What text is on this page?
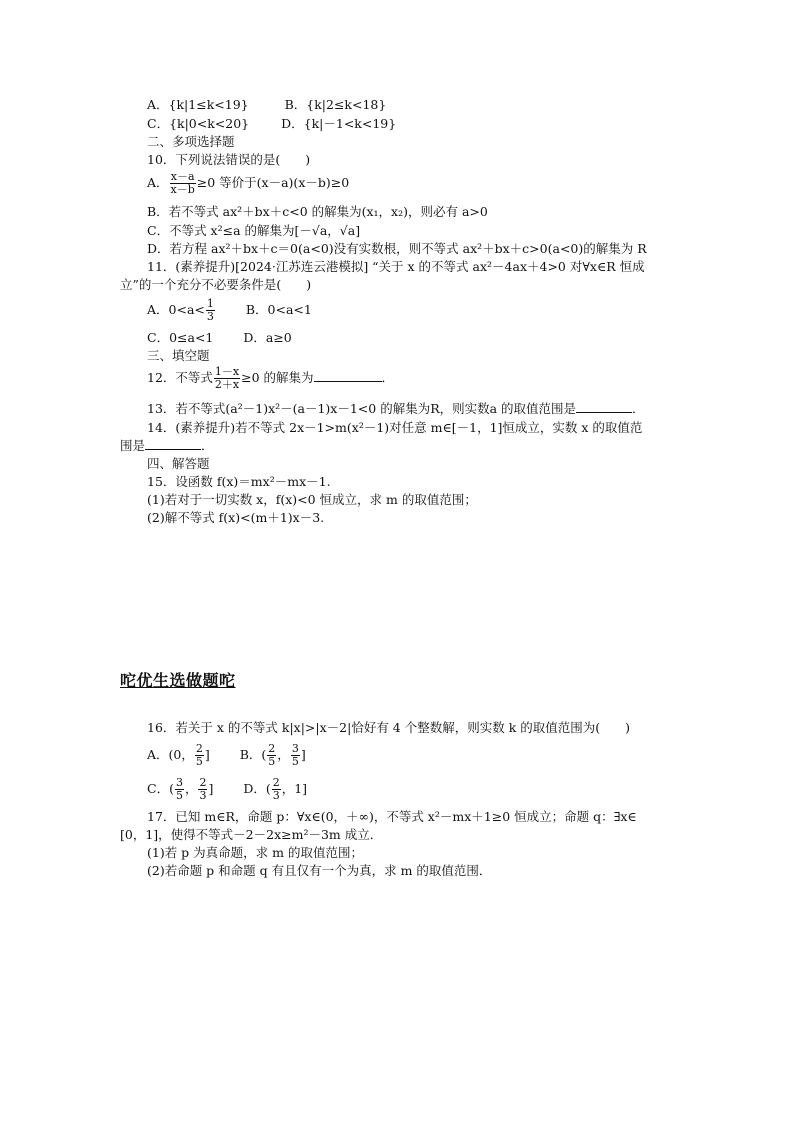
A．{k|1≤k<19}	B．{k|2≤k<18}
C．{k|0<k<20}	D．{k|－1<k<19}
二、多项选择题
10．下列说法错误的是(　　)
A． $\frac{x-a}{x-b} \ge 0$ 等价于(x－a)(x－b)≥0
B．若不等式 ax²＋bx＋c<0 的解集为(x₁，x₂)，则必有 a>0
C．不等式 x²≤a 的解集为[－√a，√a]
D．若方程 ax²＋bx＋c＝0(a<0)没有实数根，则不等式 ax²＋bx＋c>0(a<0)的解集为 R
11．(素养提升)[2024·江苏连云港模拟] “关于 x 的不等式 ax²－4ax＋4>0 对∀x∈R 恒成
立”的一个充分不必要条件是(　　)
A．$0<a< \frac{1}{3}$ B．0<a<1
C．0≤a<1 D．a≥0
三、填空题
12．不等式 $\frac{1-x}{2+x} \ge 0$ 的解集为	．
13．若不等式(a²－1)x²－(a－1)x－1<0 的解集为R，则实数a 的取值范围是	．
14．(素养提升)若不等式 2x－1>m(x²－1)对任意 m∈[－1，1]恒成立，实数 x 的取值范
围是	．
四、解答题
15．设函数 f(x)＝mx²－mx－1.
(1)若对于一切实数 x，f(x)<0 恒成立，求 m 的取值范围；
(2)解不等式 f(x)<(m＋1)x－3.
咜优生选做题咜
16．若关于 x 的不等式 k|x|>|x－2|恰好有 4 个整数解，则实数 k 的取值范围为(　　)
A．(0， $\frac{2}{5}$ ] B．( $\frac{2}{5}$ ， $\frac{3}{5}$ ]
C．( $\frac{3}{5}$ ， $\frac{2}{3}$ ] D．( $\frac{2}{3}$ ，1]
17．已知 m∈R，命题 p：∀x∈(0，＋∞)，不等式 x²－mx＋1≥0 恒成立；命题 q：∃x∈
[0，1]，使得不等式－2－2x≥m²－3m 成立．
(1)若 p 为真命题，求 m 的取值范围；
(2)若命题 p 和命题 q 有且仅有一个为真，求 m 的取值范围．
